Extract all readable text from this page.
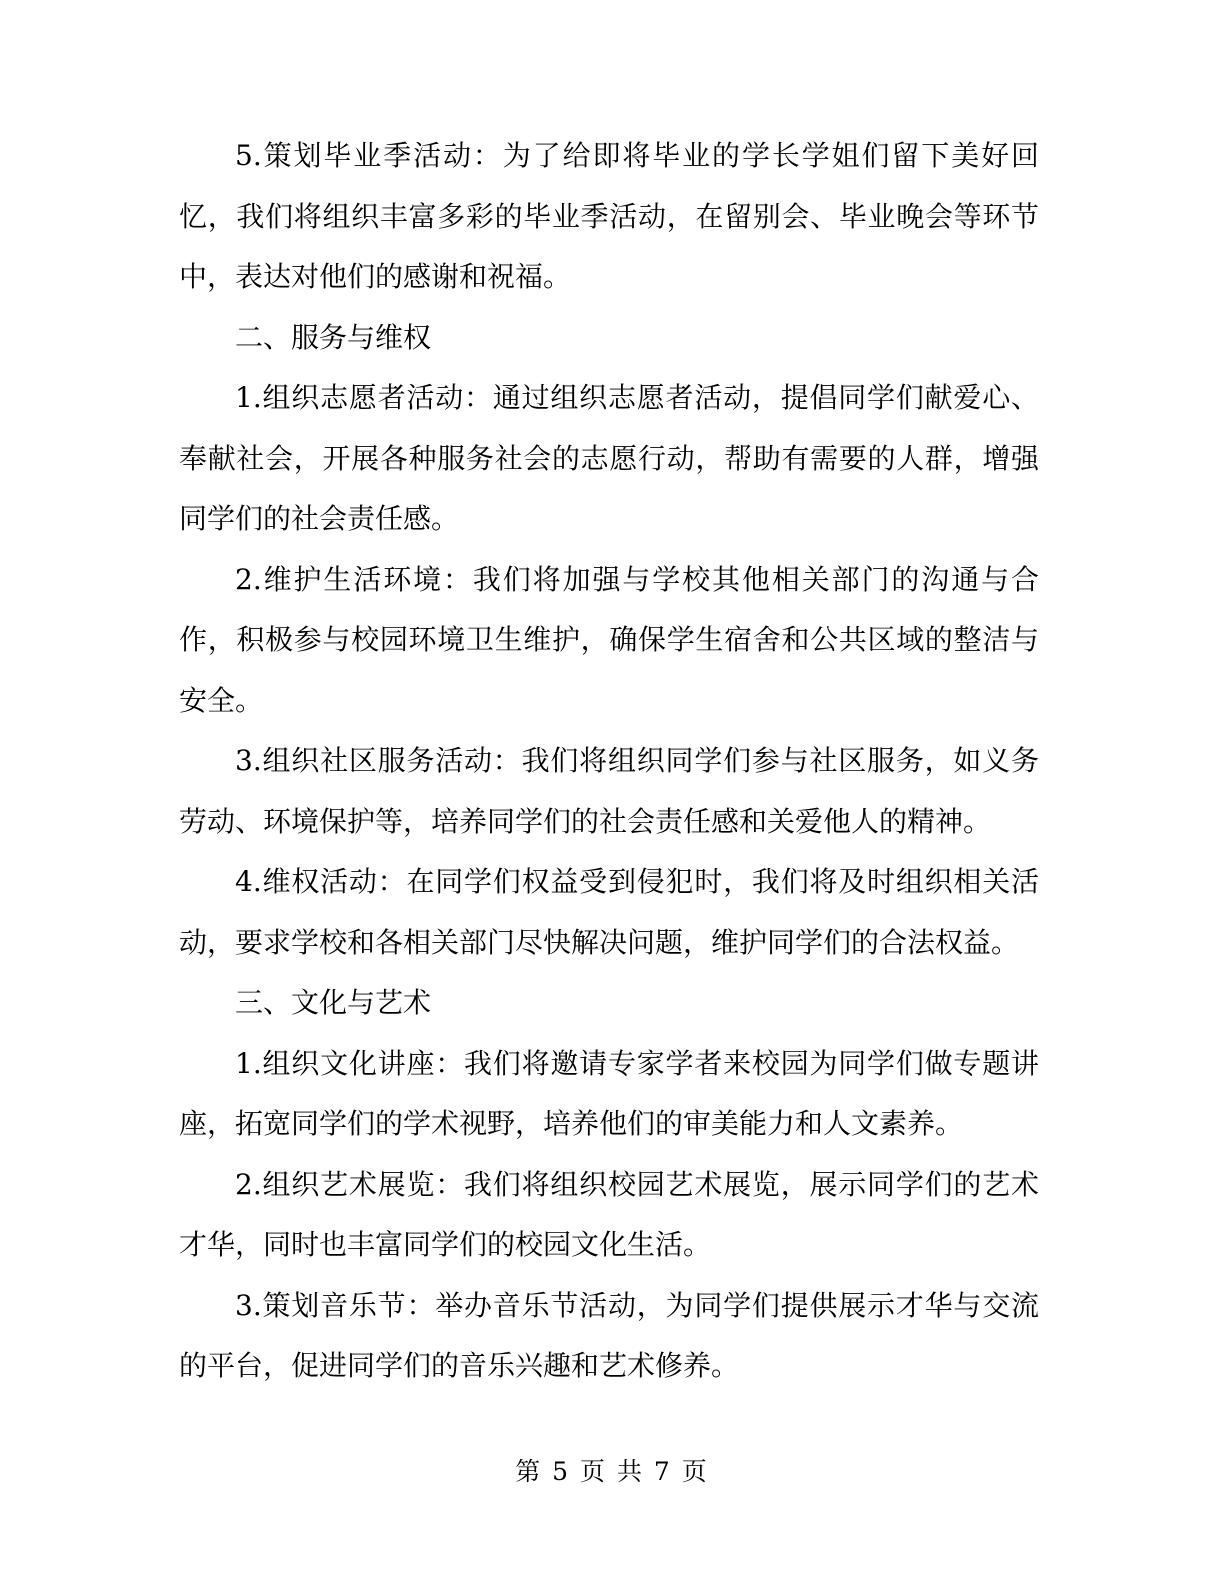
5.策划毕业季活动：为了给即将毕业的学长学姐们留下美好回忆，我们将组织丰富多彩的毕业季活动，在留别会、毕业晚会等环节中，表达对他们的感谢和祝福。

二、服务与维权

1.组织志愿者活动：通过组织志愿者活动，提倡同学们献爱心、奉献社会，开展各种服务社会的志愿行动，帮助有需要的人群，增强同学们的社会责任感。

2.维护生活环境：我们将加强与学校其他相关部门的沟通与合作，积极参与校园环境卫生维护，确保学生宿舍和公共区域的整洁与安全。

3.组织社区服务活动：我们将组织同学们参与社区服务，如义务劳动、环境保护等，培养同学们的社会责任感和关爱他人的精神。

4.维权活动：在同学们权益受到侵犯时，我们将及时组织相关活动，要求学校和各相关部门尽快解决问题，维护同学们的合法权益。

三、文化与艺术

1.组织文化讲座：我们将邀请专家学者来校园为同学们做专题讲座，拓宽同学们的学术视野，培养他们的审美能力和人文素养。

2.组织艺术展览：我们将组织校园艺术展览，展示同学们的艺术才华，同时也丰富同学们的校园文化生活。

3.策划音乐节：举办音乐节活动，为同学们提供展示才华与交流的平台，促进同学们的音乐兴趣和艺术修养。

第 5 页 共 7 页
